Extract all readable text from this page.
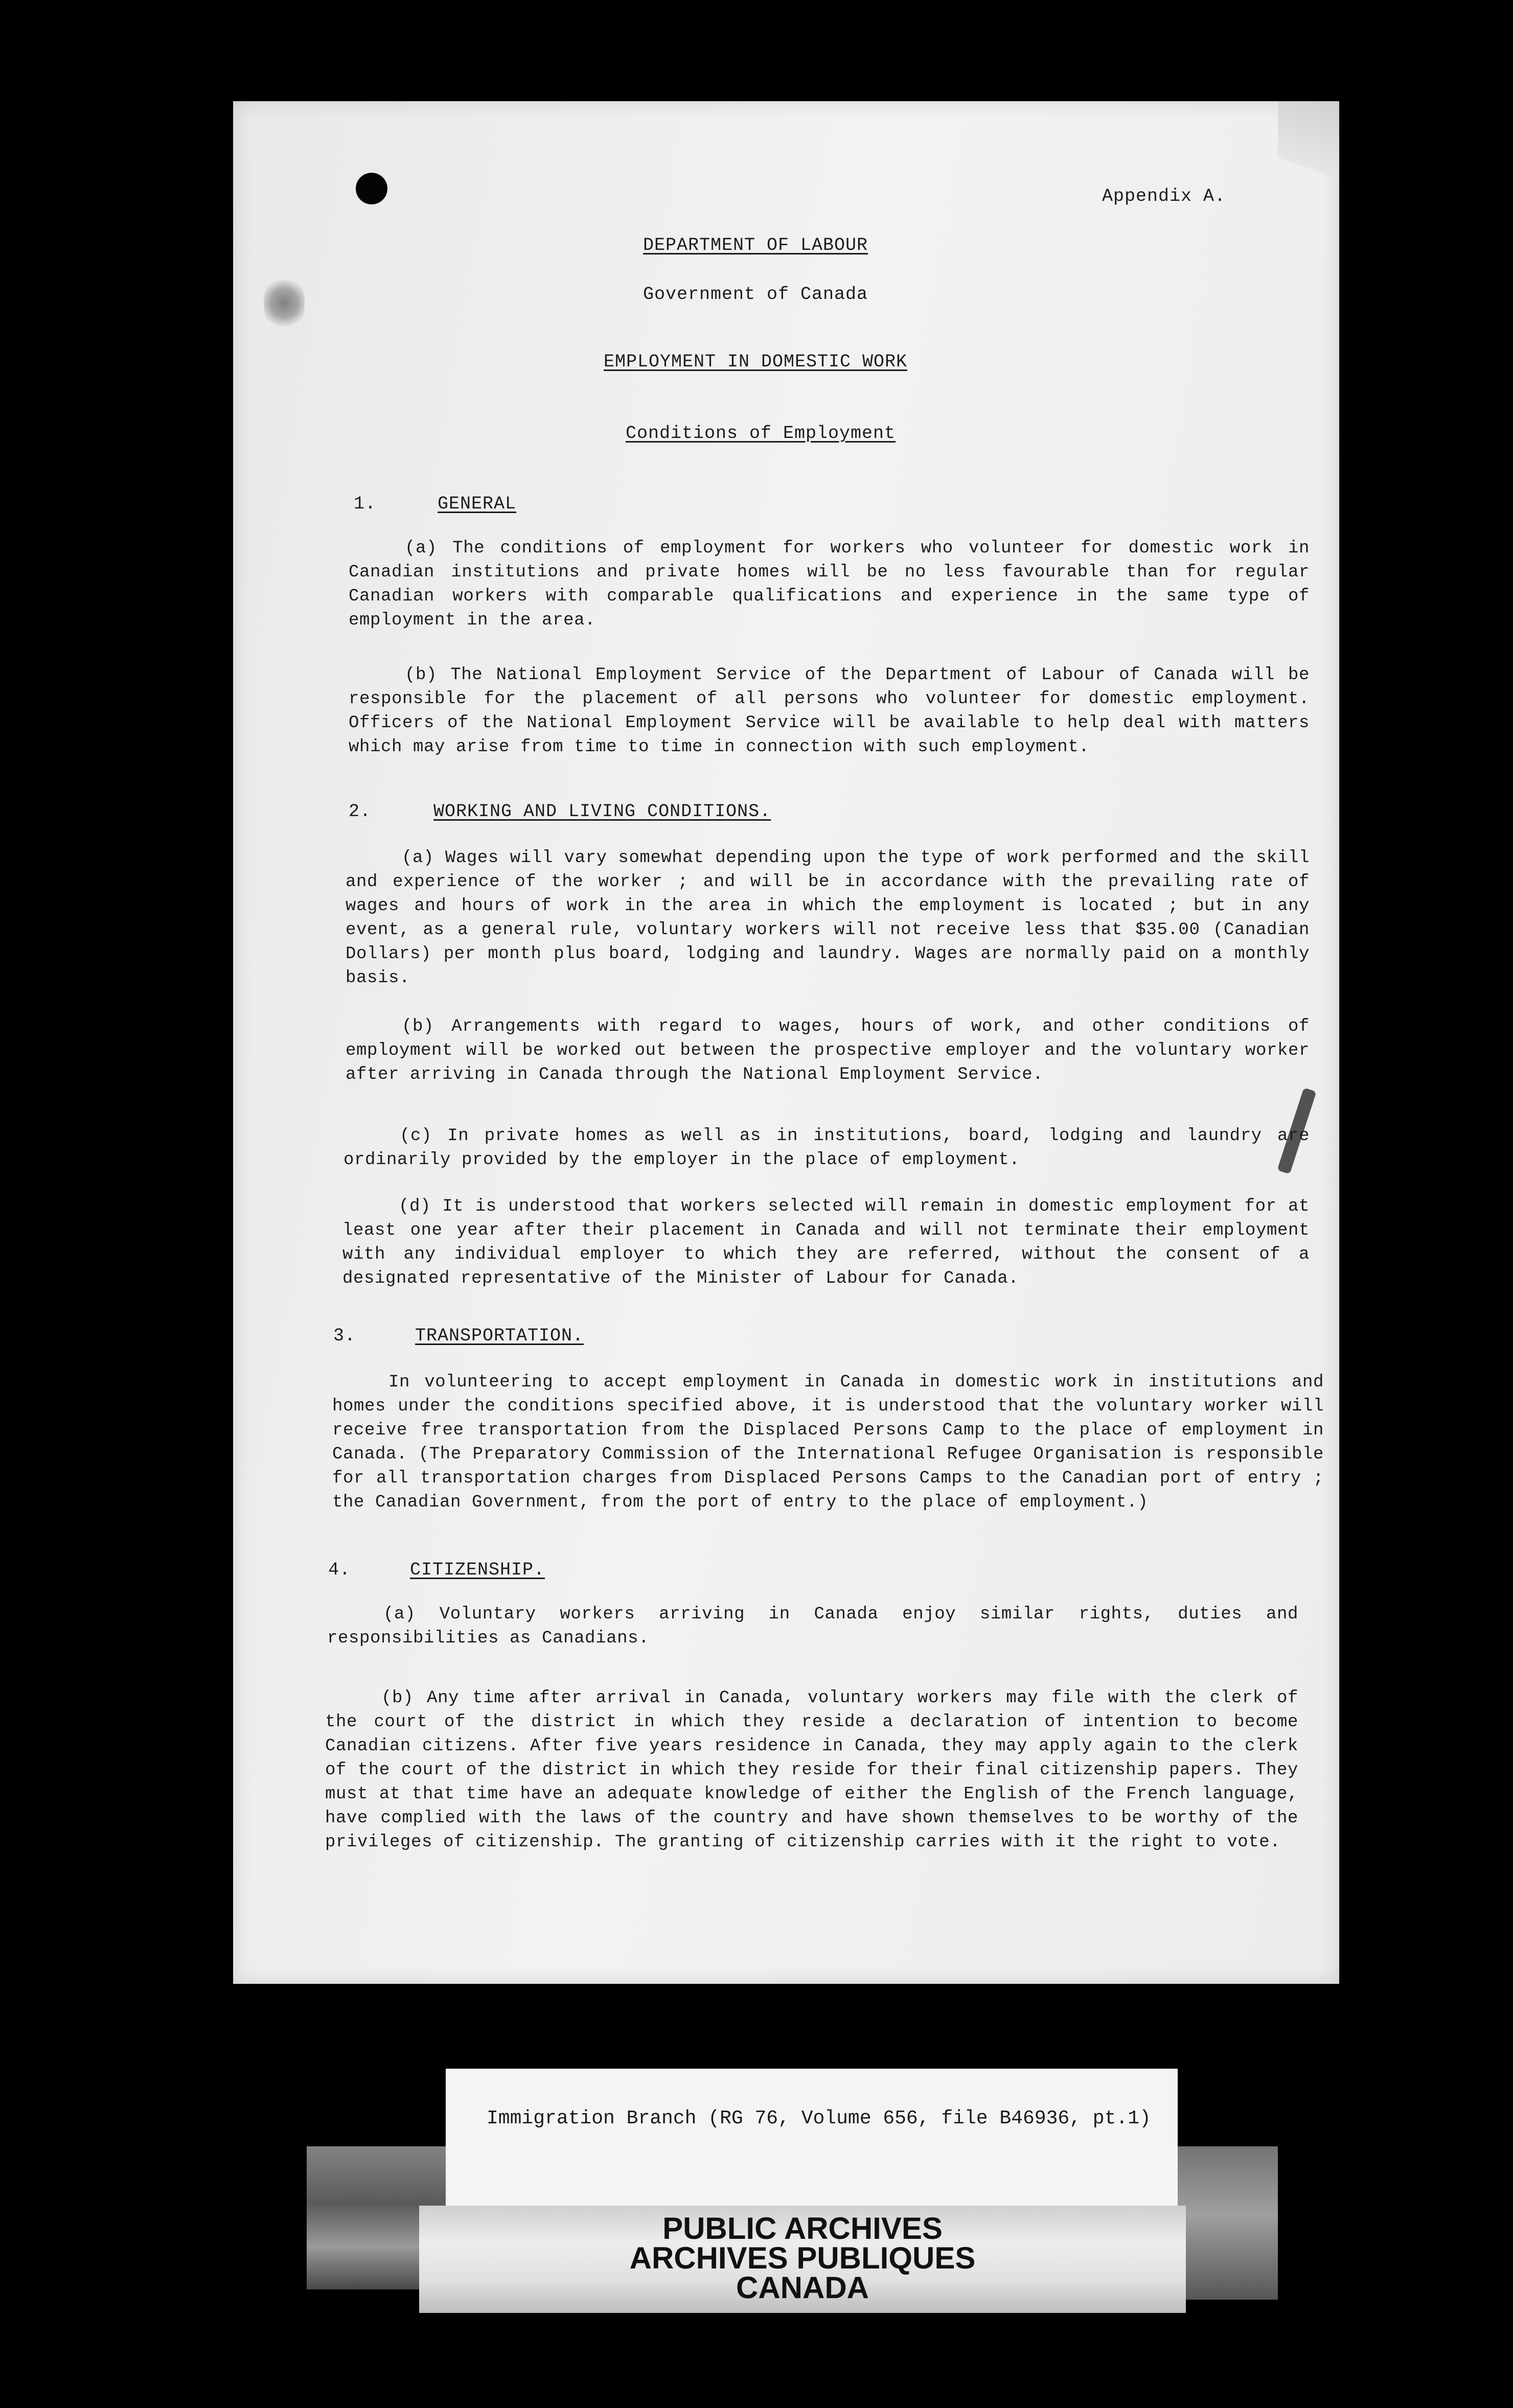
Appendix A.
DEPARTMENT OF LABOUR
Government of Canada
EMPLOYMENT IN DOMESTIC WORK
Conditions of Employment
1.	GENERAL

(a) The conditions of employment for workers who volunteer for domestic work in Canadian institutions and private homes will be no less favourable than for regular Canadian workers with comparable qualifications and experience in the same type of employment in the area.

(b) The National Employment Service of the Department of Labour of Canada will be responsible for the placement of all persons who volunteer for domestic employment. Officers of the National Employment Service will be available to help deal with matters which may arise from time to time in connection with such employment.

2.	WORKING AND LIVING CONDITIONS.

(a) Wages will vary somewhat depending upon the type of work performed and the skill and experience of the worker ; and will be in accordance with the prevailing rate of wages and hours of work in the area in which the employment is located ; but in any event, as a general rule, voluntary workers will not receive less that $35.00 (Canadian Dollars) per month plus board, lodging and laundry. Wages are normally paid on a monthly basis.

(b) Arrangements with regard to wages, hours of work, and other conditions of employment will be worked out between the prospective employer and the voluntary worker after arriving in Canada through the National Employment Service.

(c) In private homes as well as in institutions, board, lodging and laundry are ordinarily provided by the employer in the place of employment.

(d) It is understood that workers selected will remain in domestic employment for at least one year after their placement in Canada and will not terminate their employment with any individual employer to which they are referred, without the consent of a designated representative of the Minister of Labour for Canada.

3.	TRANSPORTATION.

In volunteering to accept employment in Canada in domestic work in institutions and homes under the conditions specified above, it is understood that the voluntary worker will receive free transportation from the Displaced Persons Camp to the place of employment in Canada. (The Preparatory Commission of the International Refugee Organisation is responsible for all transportation charges from Displaced Persons Camps to the Canadian port of entry ; the Canadian Government, from the port of entry to the place of employment.)

4.	CITIZENSHIP.

(a) Voluntary workers arriving in Canada enjoy similar rights, duties and responsibilities as Canadians.

(b) Any time after arrival in Canada, voluntary workers may file with the clerk of the court of the district in which they reside a declaration of intention to become Canadian citizens. After five years residence in Canada, they may apply again to the clerk of the court of the district in which they reside for their final citizenship papers. They must at that time have an adequate knowledge of either the English of the French language, have complied with the laws of the country and have shown themselves to be worthy of the privileges of citizenship. The granting of citizenship carries with it the right to vote.

Immigration Branch (RG 76, Volume 656, file B46936, pt.1)
PUBLIC ARCHIVES
ARCHIVES PUBLIQUES
CANADA
